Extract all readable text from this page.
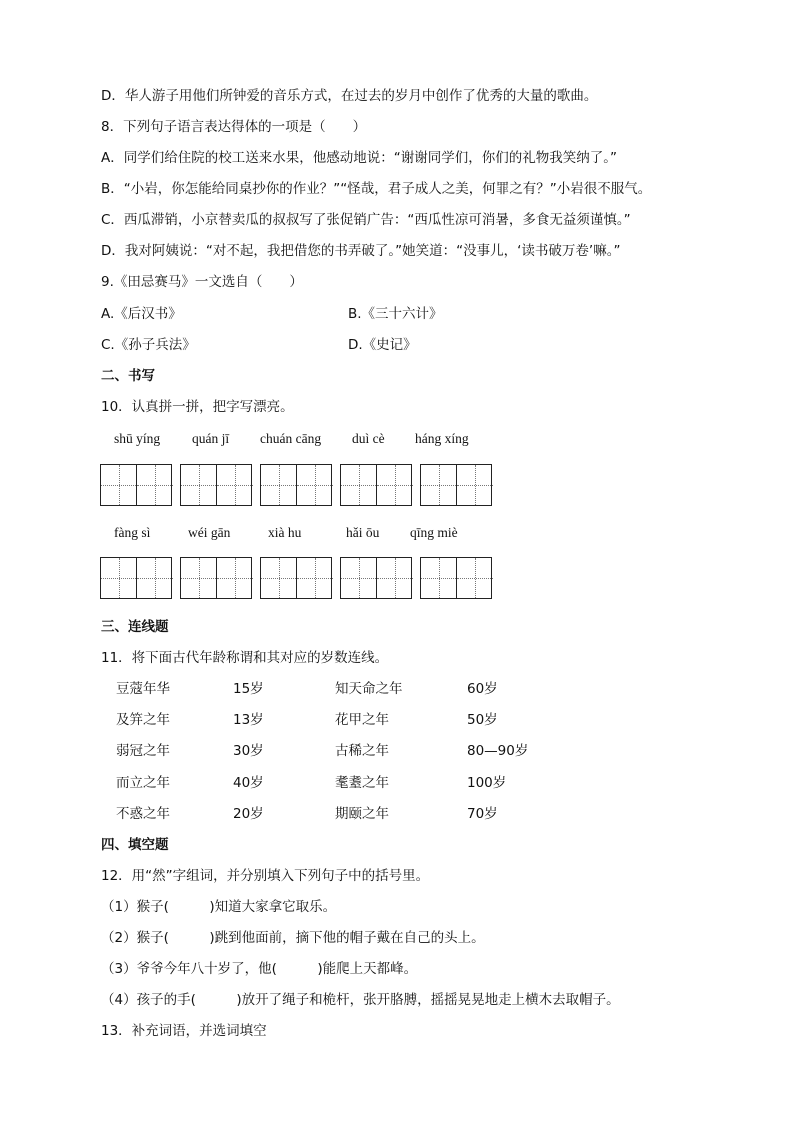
D．华人游子用他们所钟爱的音乐方式，在过去的岁月中创作了优秀的大量的歌曲。
8．下列句子语言表达得体的一项是（　　）
A．同学们给住院的校工送来水果，他感动地说：“谢谢同学们，你们的礼物我笑纳了。”
B．“小岩，你怎能给同桌抄你的作业？”“怪哉，君子成人之美，何罪之有？”小岩很不服气。
C．西瓜滞销，小京替卖瓜的叔叔写了张促销广告：“西瓜性凉可消暑，多食无益须谨慎。”
D．我对阿姨说：“对不起，我把借您的书弄破了。”她笑道：“没事儿，‘读书破万卷’嘛。”
9.《田忌赛马》一文选自（　　）
A.《后汉书》	B.《三十六计》
C.《孙子兵法》	D.《史记》
二、书写
10．认真拼一拼，把字写漂亮。
shū yíng quán jī chuán cāng duì cè háng xíng
fàng sì	wéi gān	xià hu	hǎi ōu qīng miè
三、连线题
11．将下面古代年龄称谓和其对应的岁数连线。
豆蔻年华	15岁	知天命之年	60岁
及笄之年	13岁	花甲之年	50岁
弱冠之年	30岁	古稀之年	80—90岁
而立之年	40岁	耄耋之年	100岁
不惑之年	20岁	期颐之年	70岁
四、填空题
12．用“然”字组词，并分别填入下列句子中的括号里。
（1）猴子(　　　)知道大家拿它取乐。
（2）猴子(　　　)跳到他面前，摘下他的帽子戴在自己的头上。
（3）爷爷今年八十岁了，他(　　　)能爬上天都峰。
（4）孩子的手(　　　)放开了绳子和桅杆，张开胳膊，摇摇晃晃地走上横木去取帽子。
13．补充词语，并选词填空
